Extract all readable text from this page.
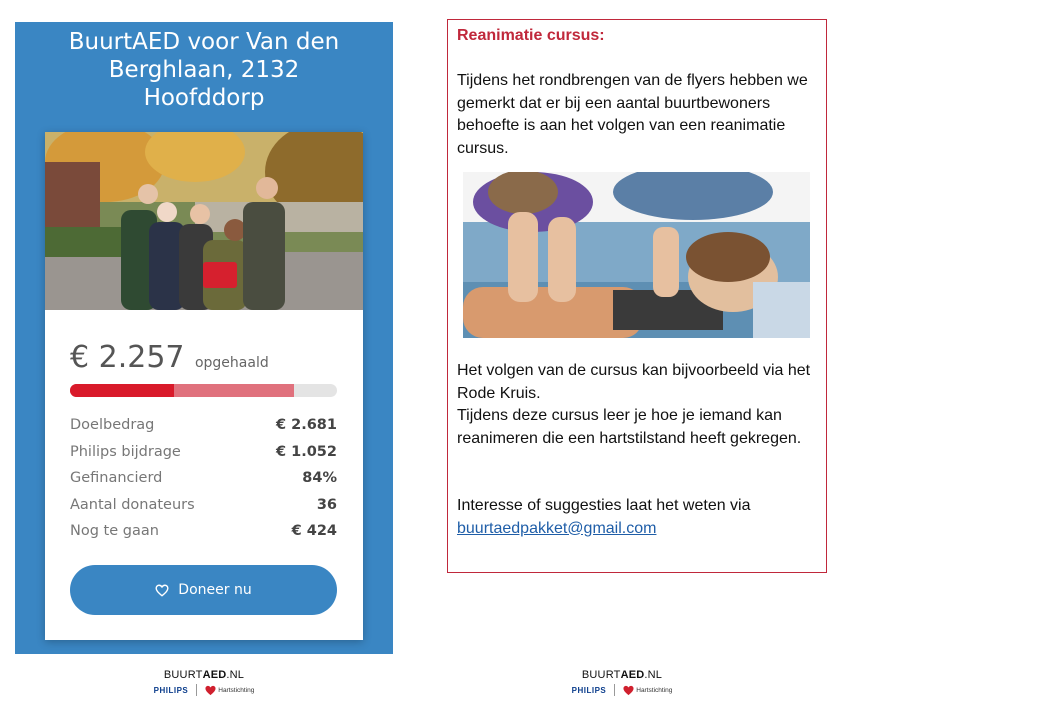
BuurtAED voor Van den Berghlaan, 2132 Hoofddorp
€ 2.257 opgehaald
Doelbedrag	€ 2.681
Philips bijdrage	€ 1.052
Gefinancierd	84%
Aantal donateurs	36
Nog te gaan	€ 424
Doneer nu
BUURTAED.NL
PHILIPS	Hartstichting
Reanimatie cursus:

Tijdens het rondbrengen van de flyers hebben we gemerkt dat er bij een aantal buurtbewoners behoefte is aan het volgen van een reanimatie cursus.

Het volgen van de cursus kan bijvoorbeeld via het Rode Kruis.
Tijdens deze cursus leer je hoe je iemand kan reanimeren die een hartstilstand heeft gekregen.

Interesse of suggesties laat het weten via
buurtaedpakket@gmail.com

BUURTAED.NL
PHILIPS	Hartstichting
